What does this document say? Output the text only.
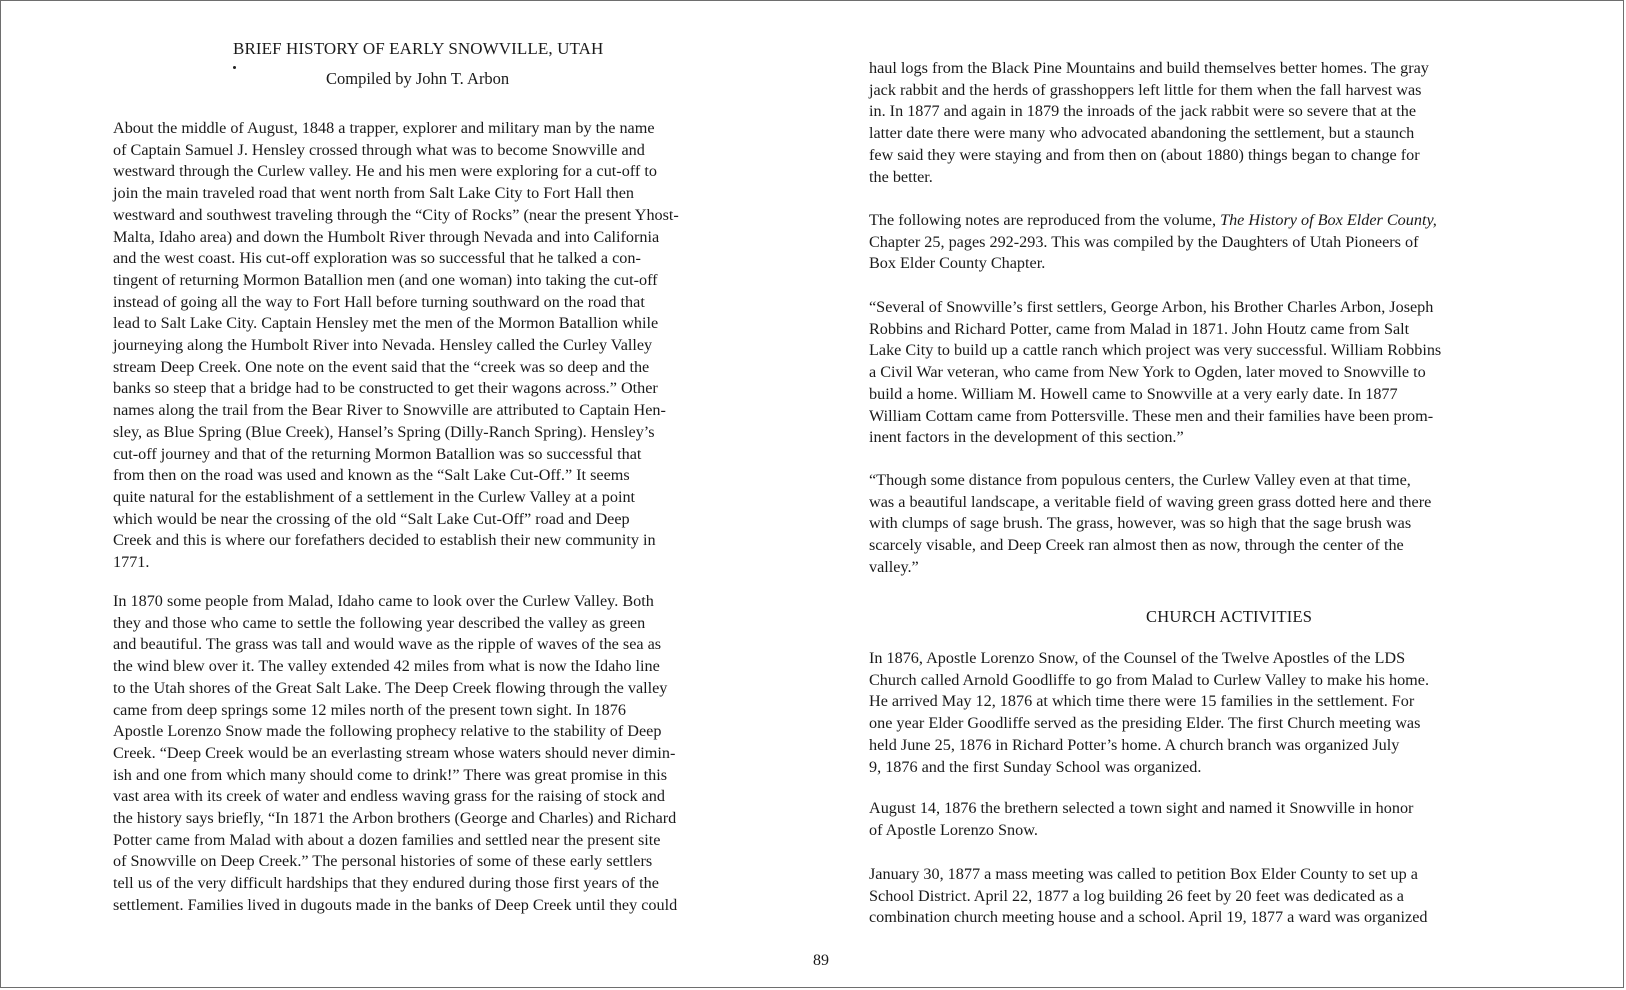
BRIEF HISTORY OF EARLY SNOWVILLE, UTAH
Compiled by John T. Arbon
About the middle of August, 1848 a trapper, explorer and military man by the name
of Captain Samuel J. Hensley crossed through what was to become Snowville and
westward through the Curlew valley. He and his men were exploring for a cut-off to
join the main traveled road that went north from Salt Lake City to Fort Hall then
westward and southwest traveling through the “City of Rocks” (near the present Yhost-
Malta, Idaho area) and down the Humbolt River through Nevada and into California
and the west coast. His cut-off exploration was so successful that he talked a con-
tingent of returning Mormon Batallion men (and one woman) into taking the cut-off
instead of going all the way to Fort Hall before turning southward on the road that
lead to Salt Lake City. Captain Hensley met the men of the Mormon Batallion while
journeying along the Humbolt River into Nevada. Hensley called the Curley Valley
stream Deep Creek. One note on the event said that the “creek was so deep and the
banks so steep that a bridge had to be constructed to get their wagons across.” Other
names along the trail from the Bear River to Snowville are attributed to Captain Hen-
sley, as Blue Spring (Blue Creek), Hansel’s Spring (Dilly-Ranch Spring). Hensley’s
cut-off journey and that of the returning Mormon Batallion was so successful that
from then on the road was used and known as the “Salt Lake Cut-Off.” It seems
quite natural for the establishment of a settlement in the Curlew Valley at a point
which would be near the crossing of the old “Salt Lake Cut-Off” road and Deep
Creek and this is where our forefathers decided to establish their new community in
1771.
In 1870 some people from Malad, Idaho came to look over the Curlew Valley. Both
they and those who came to settle the following year described the valley as green
and beautiful. The grass was tall and would wave as the ripple of waves of the sea as
the wind blew over it. The valley extended 42 miles from what is now the Idaho line
to the Utah shores of the Great Salt Lake. The Deep Creek flowing through the valley
came from deep springs some 12 miles north of the present town sight. In 1876
Apostle Lorenzo Snow made the following prophecy relative to the stability of Deep
Creek. “Deep Creek would be an everlasting stream whose waters should never dimin-
ish and one from which many should come to drink!” There was great promise in this
vast area with its creek of water and endless waving grass for the raising of stock and
the history says briefly, “In 1871 the Arbon brothers (George and Charles) and Richard
Potter came from Malad with about a dozen families and settled near the present site
of Snowville on Deep Creek.” The personal histories of some of these early settlers
tell us of the very difficult hardships that they endured during those first years of the
settlement. Families lived in dugouts made in the banks of Deep Creek until they could
haul logs from the Black Pine Mountains and build themselves better homes. The gray
jack rabbit and the herds of grasshoppers left little for them when the fall harvest was
in. In 1877 and again in 1879 the inroads of the jack rabbit were so severe that at the
latter date there were many who advocated abandoning the settlement, but a staunch
few said they were staying and from then on (about 1880) things began to change for
the better.
The following notes are reproduced from the volume, The History of Box Elder County,
Chapter 25, pages 292-293. This was compiled by the Daughters of Utah Pioneers of
Box Elder County Chapter.
“Several of Snowville’s first settlers, George Arbon, his Brother Charles Arbon, Joseph
Robbins and Richard Potter, came from Malad in 1871. John Houtz came from Salt
Lake City to build up a cattle ranch which project was very successful. William Robbins
a Civil War veteran, who came from New York to Ogden, later moved to Snowville to
build a home. William M. Howell came to Snowville at a very early date. In 1877
William Cottam came from Pottersville. These men and their families have been prom-
inent factors in the development of this section.”
“Though some distance from populous centers, the Curlew Valley even at that time,
was a beautiful landscape, a veritable field of waving green grass dotted here and there
with clumps of sage brush. The grass, however, was so high that the sage brush was
scarcely visable, and Deep Creek ran almost then as now, through the center of the
valley.”
In 1876, Apostle Lorenzo Snow, of the Counsel of the Twelve Apostles of the LDS
Church called Arnold Goodliffe to go from Malad to Curlew Valley to make his home.
He arrived May 12, 1876 at which time there were 15 families in the settlement. For
one year Elder Goodliffe served as the presiding Elder. The first Church meeting was
held June 25, 1876 in Richard Potter’s home. A church branch was organized July
9, 1876 and the first Sunday School was organized.
August 14, 1876 the brethern selected a town sight and named it Snowville in honor
of Apostle Lorenzo Snow.
January 30, 1877 a mass meeting was called to petition Box Elder County to set up a
School District. April 22, 1877 a log building 26 feet by 20 feet was dedicated as a
combination church meeting house and a school. April 19, 1877 a ward was organized
CHURCH ACTIVITIES
89
